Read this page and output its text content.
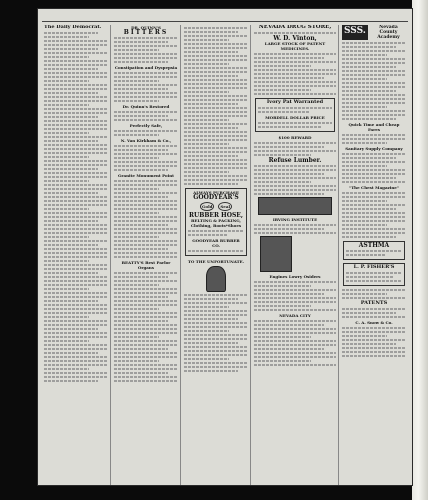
The Daily Democrat.	DR. QUINN'S
BITTERS
Constipation and Dyspepsia
Dr. Quinn's Restored
Perfectly Safe,
N. Van Kirkham & Co.,
Granite Monument Point
BEATTY'S Best Parlor Organs
ALWAYS PURCHASE
GOODYEAR'S
Gold	Seal
RUBBER HOSE,
BELTING & PACKING,
Clothing, Boots*Shoes
GOODYEAR RUBBER CO.
TO THE UNFORTUNATE.
NEVADA DRUG STORE,
W. D. Vinton,
LARGE STOCK OF PATENT MEDICINES.
Ivory Pat Warranted
MORDELL DOLLAR PRICE
$100 REWARD
Refuse Lumber.
IRVING INSTITUTE
Engines Lowry Osiders
NEVADA CITY
SSS.	Nevada County Academy
Quick Time and Cheap Fares
Sanitary Supply Company
"The Chest Magazine"
ASTHMA
L. P. FISHER'S
PATENTS
C. A. Snow & Co.
